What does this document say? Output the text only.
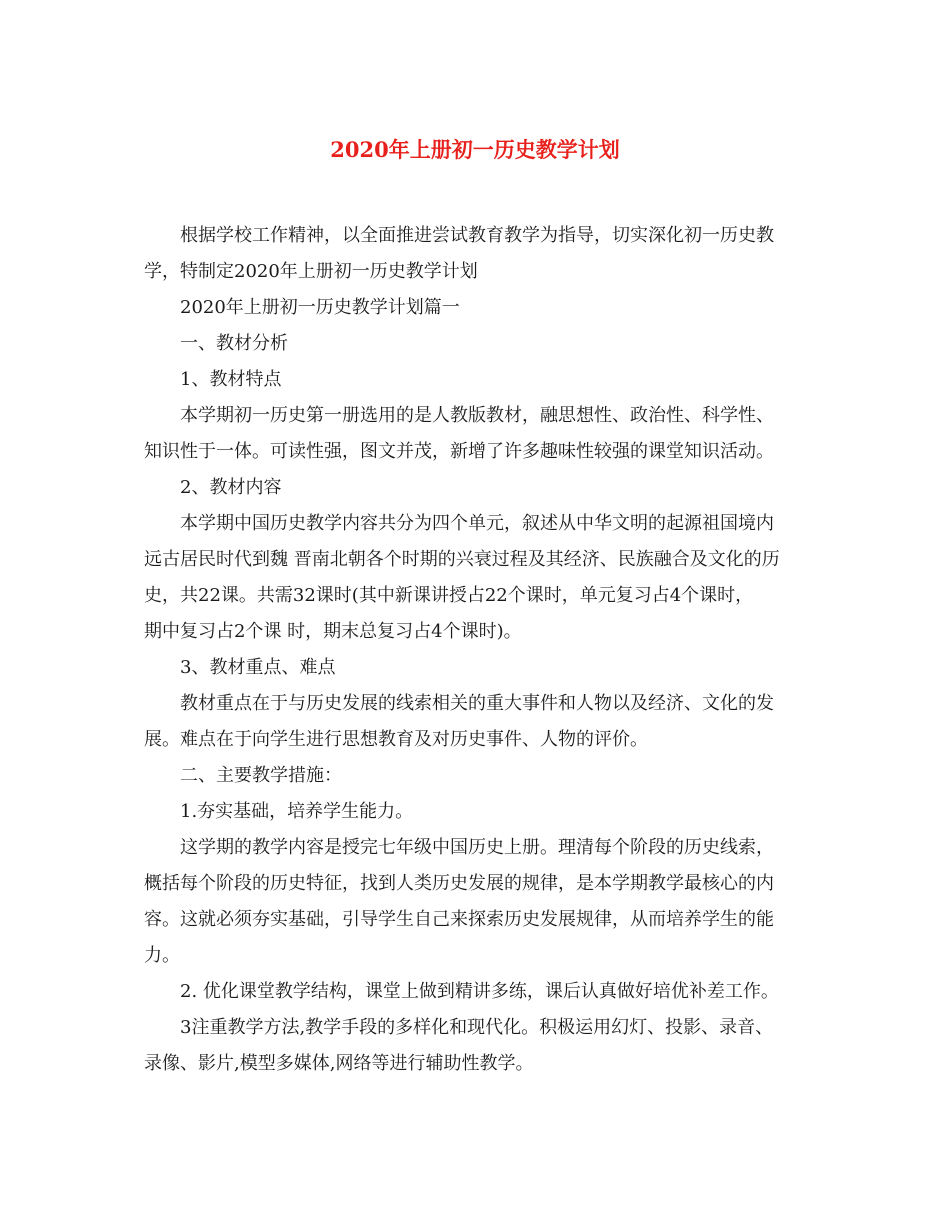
2020年上册初一历史教学计划

根据学校工作精神，以全面推进尝试教育教学为指导，切实深化初一历史教

学，特制定2020年上册初一历史教学计划

2020年上册初一历史教学计划篇一

一、教材分析

1、教材特点

本学期初一历史第一册选用的是人教版教材，融思想性、政治性、科学性、

知识性于一体。可读性强，图文并茂，新增了许多趣味性较强的课堂知识活动。

2、教材内容

本学期中国历史教学内容共分为四个单元，叙述从中华文明的起源祖国境内

远古居民时代到魏 晋南北朝各个时期的兴衰过程及其经济、民族融合及文化的历

史，共22课。共需32课时(其中新课讲授占22个课时，单元复习占4个课时，

期中复习占2个课 时，期末总复习占4个课时)。

3、教材重点、难点

教材重点在于与历史发展的线索相关的重大事件和人物以及经济、文化的发

展。难点在于向学生进行思想教育及对历史事件、人物的评价。

二、主要教学措施：

1.夯实基础，培养学生能力。

这学期的教学内容是授完七年级中国历史上册。理清每个阶段的历史线索，

概括每个阶段的历史特征，找到人类历史发展的规律，是本学期教学最核心的内

容。这就必须夯实基础，引导学生自己来探索历史发展规律，从而培养学生的能

力。

2. 优化课堂教学结构，课堂上做到精讲多练，课后认真做好培优补差工作。

3注重教学方法,教学手段的多样化和现代化。积极运用幻灯、投影、录音、

录像、影片,模型多媒体,网络等进行辅助性教学。
